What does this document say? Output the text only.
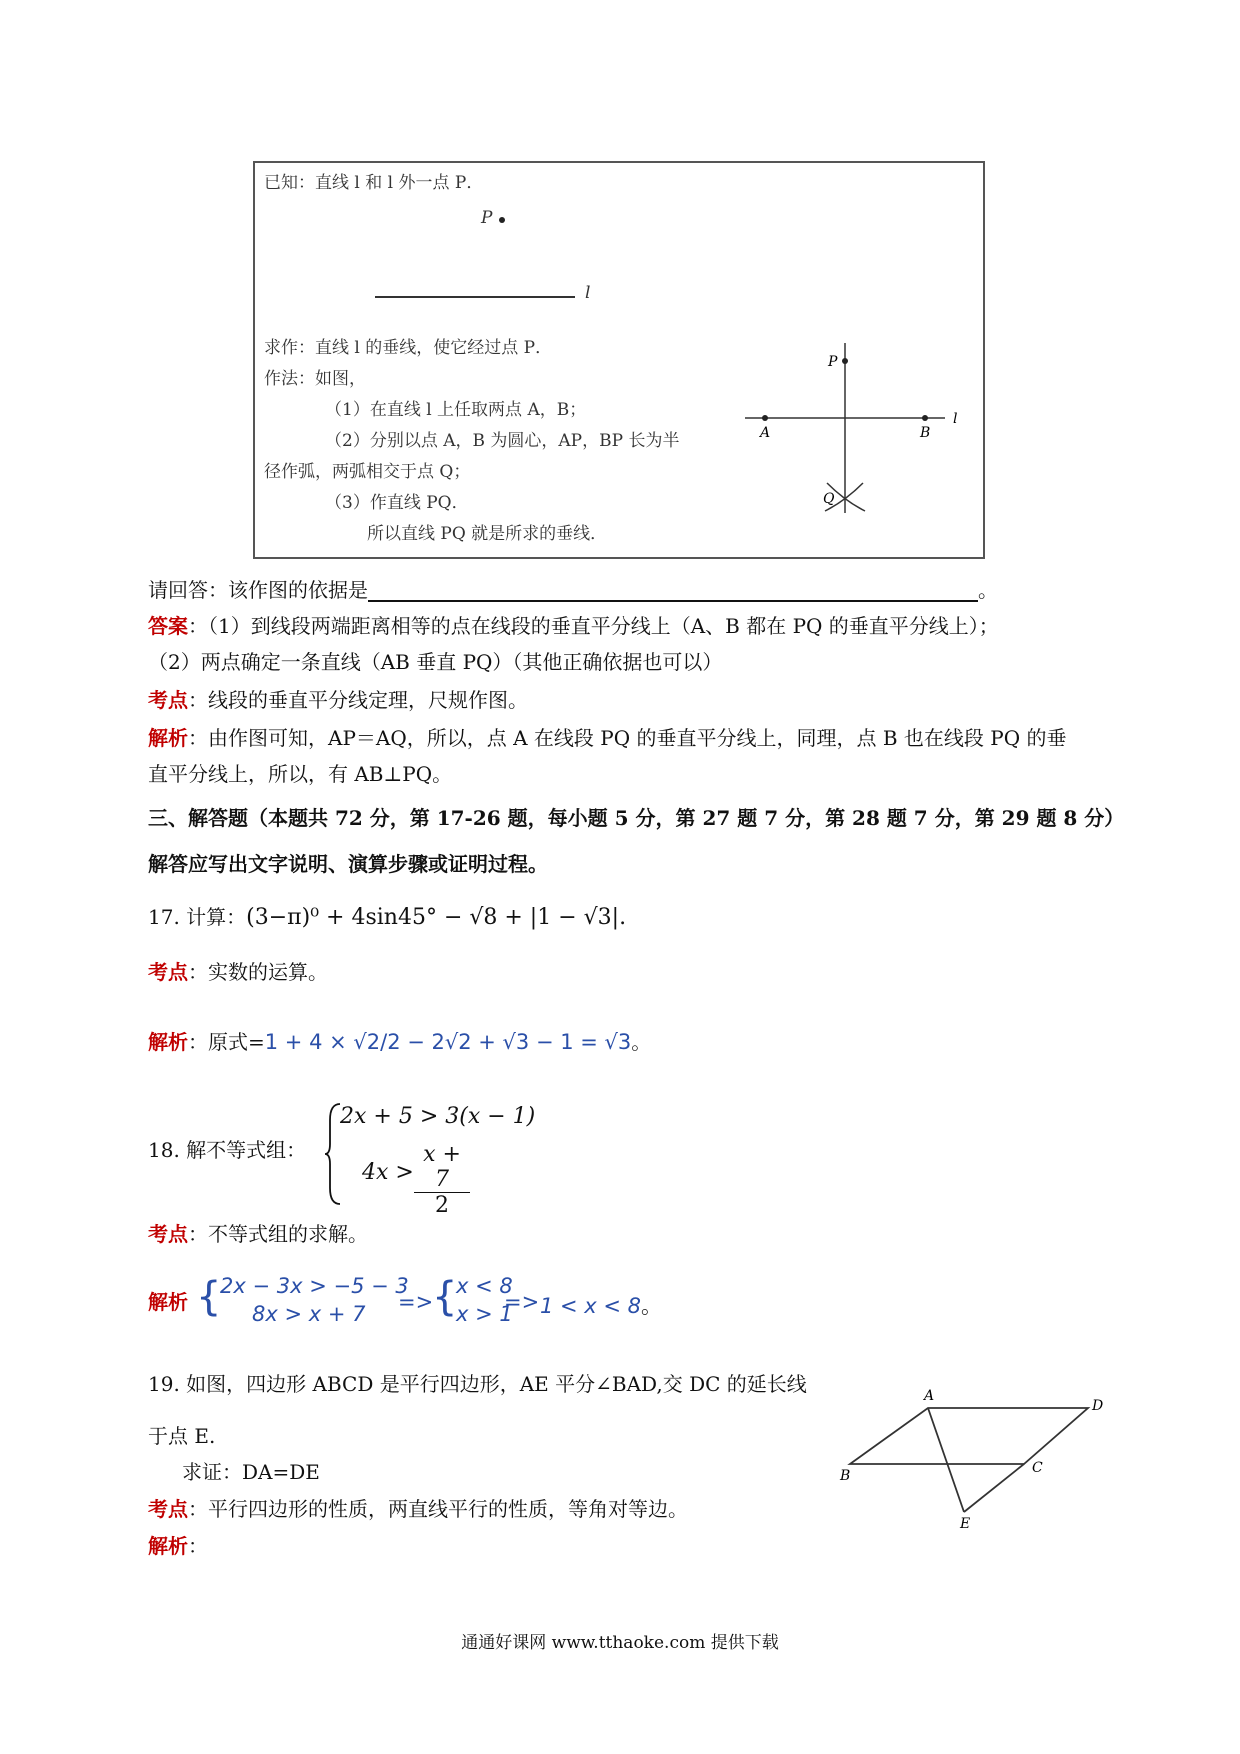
已知：直线 l 和 l 外一点 P．
P
l
求作：直线 l 的垂线，使它经过点 P．
作法：如图，
（1）在直线 l 上任取两点 A，B；
（2）分别以点 A，B 为圆心，AP，BP 长为半
径作弧，两弧相交于点 Q；
（3）作直线 PQ．
所以直线 PQ 就是所求的垂线．
P
A	B
l
Q
请回答：该作图的依据是	。
答案：（1）到线段两端距离相等的点在线段的垂直平分线上（A、B 都在 PQ 的垂直平分线上）；
（2）两点确定一条直线（AB 垂直 PQ）（其他正确依据也可以）
考点：线段的垂直平分线定理，尺规作图。
解析：由作图可知，AP＝AQ，所以，点 A 在线段 PQ 的垂直平分线上，同理，点 B 也在线段 PQ 的垂
直平分线上，所以，有 AB⊥PQ。
三、解答题（本题共 72 分，第 17-26 题，每小题 5 分，第 27 题 7 分，第 28 题 7 分，第 29 题 8 分）
解答应写出文字说明、演算步骤或证明过程。
17. 计算：(3−π)⁰ + 4sin45° − √8 + |1 − √3|.
考点：实数的运算。
解析：原式=1 + 4 × √2/2 − 2√2 + √3 − 1 = √3。
18. 解不等式组：
2x + 5 > 3(x − 1)
$4x > \frac{x + 7}{2}$
考点：不等式组的求解。
解析 {
2x − 3x > −5 − 3
8x > x + 7 =>
{
x < 8
x > 1
=> 1 < x < 8。
19. 如图，四边形 ABCD 是平行四边形，AE 平分∠BAD,交 DC 的延长线
于点 E.
求证：DA=DE
考点：平行四边形的性质，两直线平行的性质，等角对等边。
解析：
A
B	C
D
E
通通好课网 www.tthaoke.com 提供下载
